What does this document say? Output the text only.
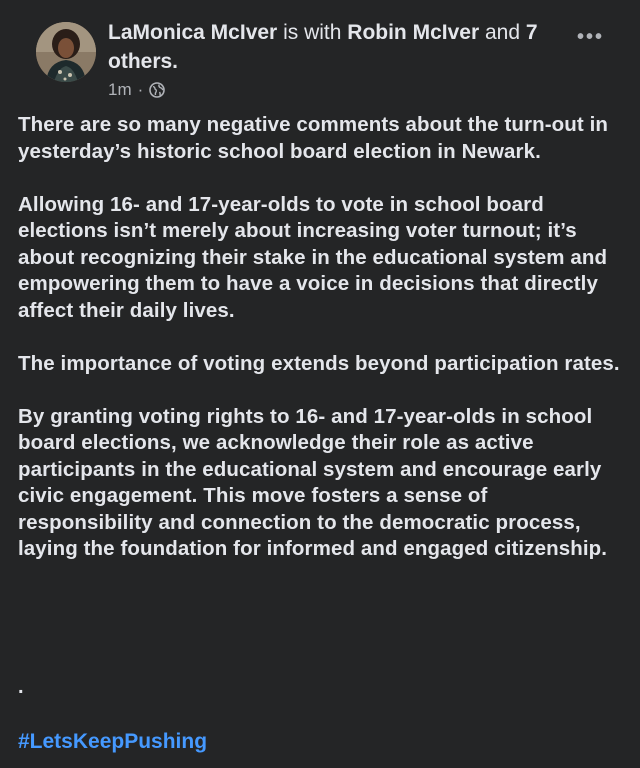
LaMonica McIver is with Robin McIver and 7 others.
1m ·
•••

There are so many negative comments about the turn-out in yesterday’s historic school board election in Newark.

Allowing 16- and 17-year-olds to vote in school board elections isn’t merely about increasing voter turnout; it’s about recognizing their stake in the educational system and empowering them to have a voice in decisions that directly affect their daily lives.

The importance of voting extends beyond participation rates.

By granting voting rights to 16- and 17-year-olds in school board elections, we acknowledge their role as active participants in the educational system and encourage early civic engagement. This move fosters a sense of responsibility and connection to the democratic process, laying the foundation for informed and engaged citizenship.

.
#LetsKeepPushing
